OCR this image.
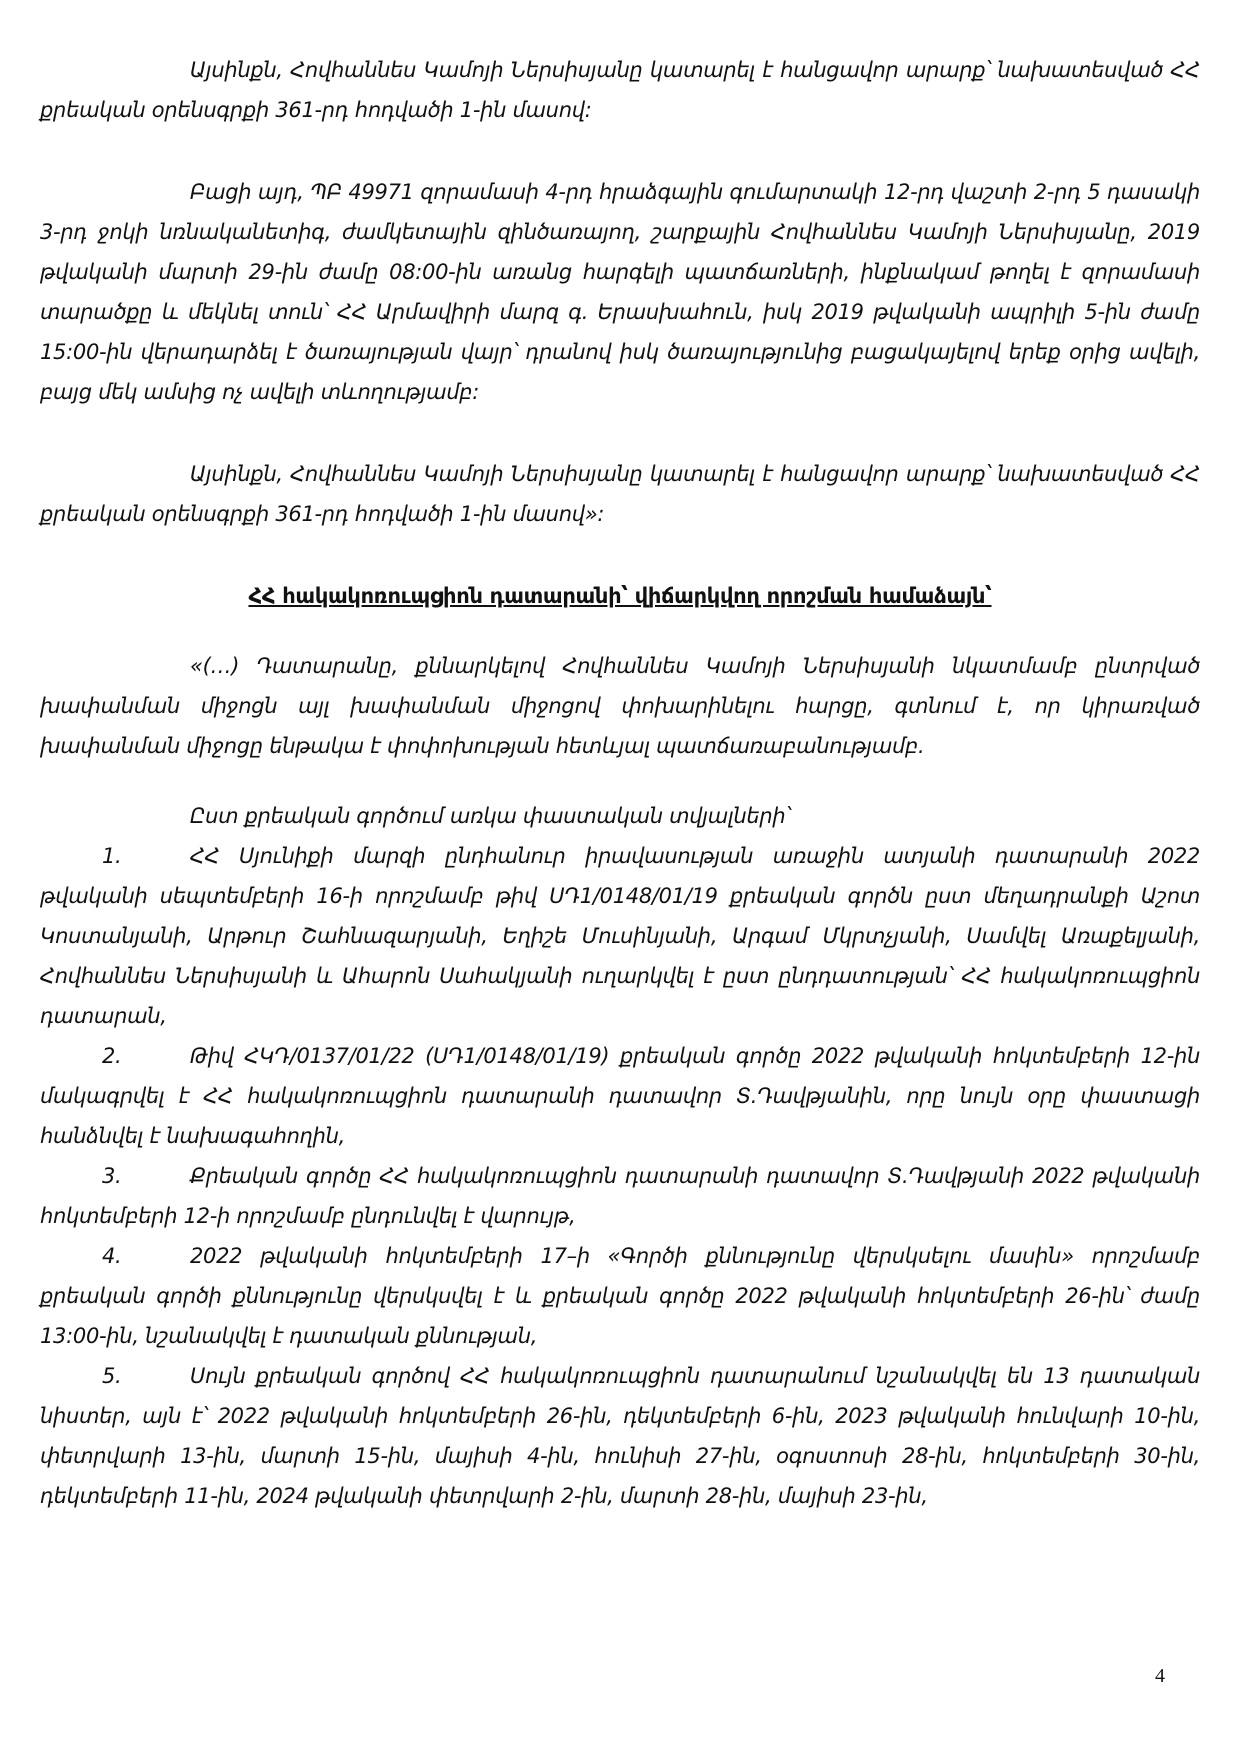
Այսինքն, Հովհաննես Կամոյի Ներսիսյանը կատարել է հանցավոր արարք՝ նախատեսված ՀՀ քրեական օրենսգրքի 361-րդ հոդվածի 1-ին մասով:

Բացի այդ, ՊԲ 49971 զորամասի 4-րդ հրաձգային գումարտակի 12-րդ վաշտի 2-րդ 5 դասակի 3-րդ ջոկի նռնականետիգ, ժամկետային զինծառայող, շարքային Հովհաննես Կամոյի Ներսիսյանը, 2019 թվականի մարտի 29-ին ժամը 08:00-ին առանց հարգելի պատճառների, ինքնակամ թողել է զորամասի տարածքը և մեկնել տուն՝ ՀՀ Արմավիրի մարզ գ. Երասխահուն, իսկ 2019 թվականի ապրիլի 5-ին ժամը 15:00-ին վերադարձել է ծառայության վայր՝ դրանով իսկ ծառայությունից բացակայելով երեք օրից ավելի, բայց մեկ ամսից ոչ ավելի տևողությամբ:

Այսինքն, Հովհաննես Կամոյի Ներսիսյանը կատարել է հանցավոր արարք՝ նախատեսված ՀՀ քրեական օրենսգրքի 361-րդ հոդվածի 1-ին մասով»:

ՀՀ հակակոռուպցիոն դատարանի՝ վիճարկվող որոշման համաձայն՝

«(…) Դատարանը, քննարկելով Հովհաննես Կամոյի Ներսիսյանի նկատմամբ ընտրված խափանման միջոցն այլ խափանման միջոցով փոխարինելու հարցը, գտնում է, որ կիրառված խափանման միջոցը ենթակա է փոփոխության հետևյալ պատճառաբանությամբ.

Ըստ քրեական գործում առկա փաստական տվյալների՝

1.	ՀՀ Սյունիքի մարզի ընդհանուր իրավասության առաջին ատյանի դատարանի 2022 թվականի սեպտեմբերի 16-ի որոշմամբ թիվ ՍԴ1/0148/01/19 քրեական գործն ըստ մեղադրանքի Աշոտ Կոստանյանի, Արթուր Շահնազարյանի, Եղիշե Մուսինյանի, Արգամ Մկրտչյանի, Սամվել Առաքելյանի, Հովհաննես Ներսիսյանի և Ահարոն Սահակյանի ուղարկվել է ըստ ընդդատության՝ ՀՀ հակակոռուպցիոն դատարան,
2.	Թիվ ՀԿԴ/0137/01/22 (ՍԴ1/0148/01/19) քրեական գործը 2022 թվականի հոկտեմբերի 12-ին մակագրվել է ՀՀ հակակոռուպցիոն դատարանի դատավոր Տ.Դավթյանին, որը նույն օրը փաստացի հանձնվել է նախագահողին,
3.	Քրեական գործը ՀՀ հակակոռուպցիոն դատարանի դատավոր Տ.Դավթյանի 2022 թվականի հոկտեմբերի 12-ի որոշմամբ ընդունվել է վարույթ,
4.	2022 թվականի հոկտեմբերի 17–ի «Գործի քննությունը վերսկսելու մասին» որոշմամբ քրեական գործի քննությունը վերսկսվել է և քրեական գործը 2022 թվականի հոկտեմբերի 26-ին՝ ժամը 13:00-ին, նշանակվել է դատական քննության,
5.	Սույն քրեական գործով ՀՀ հակակոռուպցիոն դատարանում նշանակվել են 13 դատական նիստեր, այն է՝ 2022 թվականի հոկտեմբերի 26-ին, դեկտեմբերի 6-ին, 2023 թվականի հունվարի 10-ին, փետրվարի 13-ին, մարտի 15-ին, մայիսի 4-ին, հունիսի 27-ին, օգոստոսի 28-ին, հոկտեմբերի 30-ին, դեկտեմբերի 11-ին, 2024 թվականի փետրվարի 2-ին, մարտի 28-ին, մայիսի 23-ին,
4
